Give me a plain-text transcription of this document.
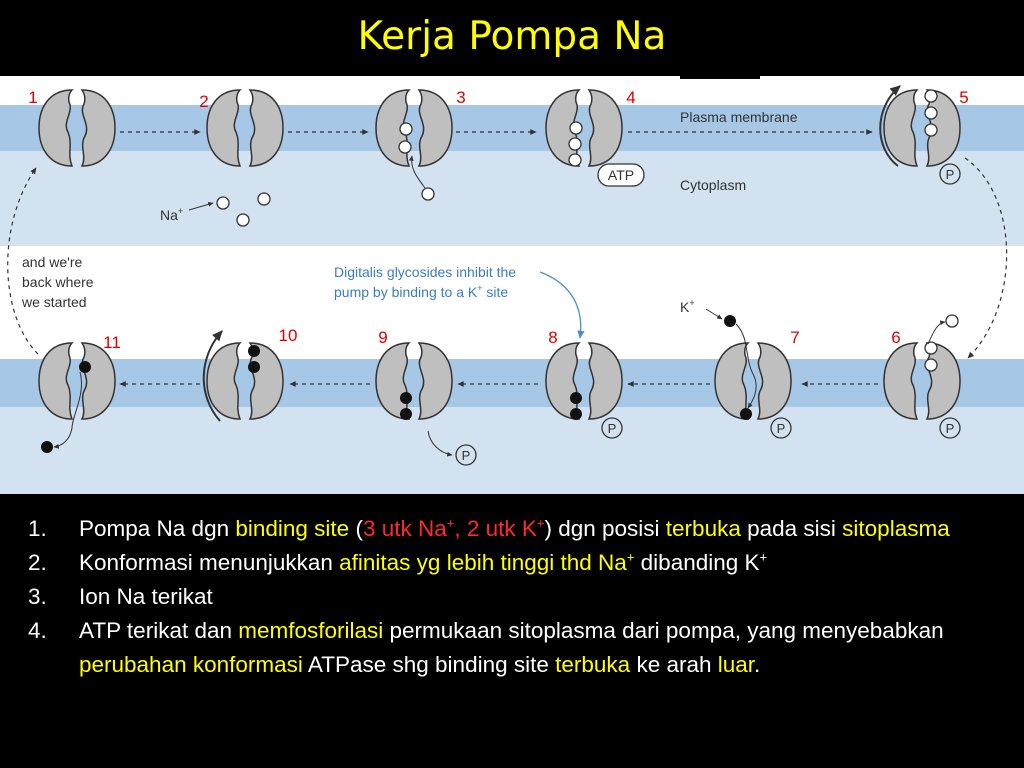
Kerja Pompa Na
ATP	P
P
P
P
P
Plasma membrane
Cytoplasm
Na+
K+
and we're
back where
we started
Digitalis glycosides inhibit the
pump by binding to a K+ site
1	2	3	4	5
6
7
8
9
10
11
1. Pompa Na dgn binding site (3 utk Na+, 2 utk K+) dgn posisi terbuka pada sisi sitoplasma
2. Konformasi menunjukkan afinitas yg lebih tinggi thd Na+ dibanding K+
3. Ion Na terikat
4. ATP terikat dan memfosforilasi permukaan sitoplasma dari pompa, yang menyebabkan perubahan konformasi ATPase shg binding site terbuka ke arah luar.
